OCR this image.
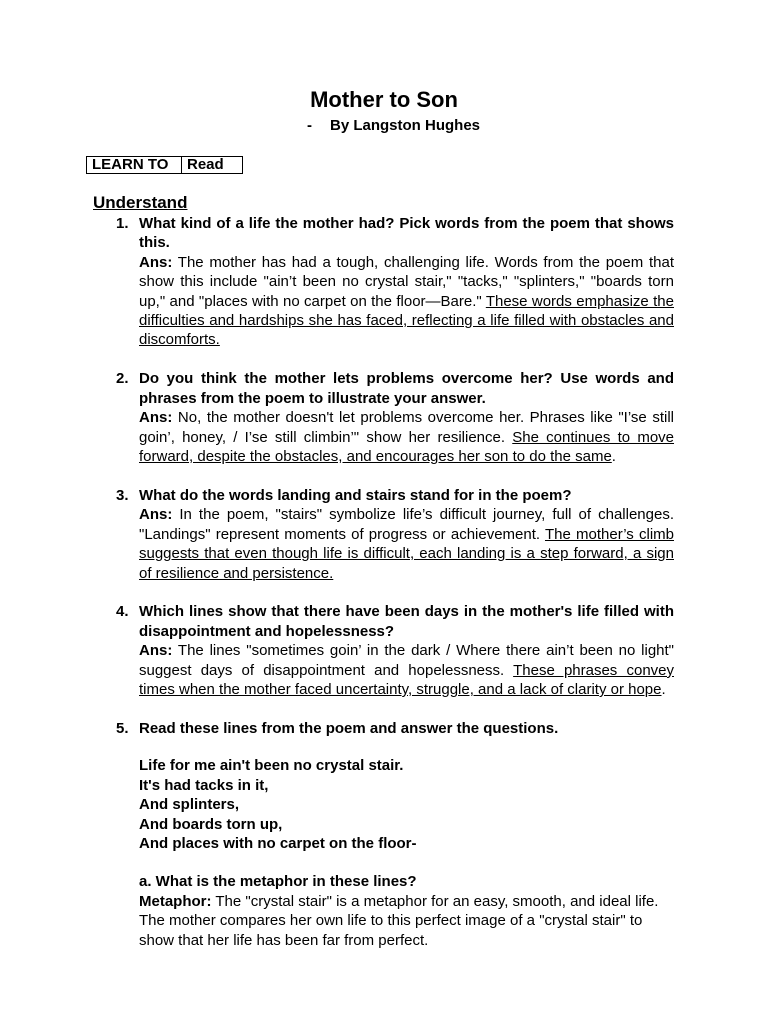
Mother to Son
- By Langston Hughes
LEARN TO	Read
Understand
1. What kind of a life the mother had? Pick words from the poem that shows this.
Ans: The mother has had a tough, challenging life. Words from the poem that show this include "ain’t been no crystal stair," "tacks," "splinters," "boards torn up," and "places with no carpet on the floor—Bare." These words emphasize the difficulties and hardships she has faced, reflecting a life filled with obstacles and discomforts.
2. Do you think the mother lets problems overcome her? Use words and phrases from the poem to illustrate your answer.
Ans: No, the mother doesn't let problems overcome her. Phrases like "I’se still goin’, honey, / I’se still climbin’" show her resilience. She continues to move forward, despite the obstacles, and encourages her son to do the same.
3. What do the words landing and stairs stand for in the poem?
Ans: In the poem, "stairs" symbolize life’s difficult journey, full of challenges. "Landings" represent moments of progress or achievement. The mother’s climb suggests that even though life is difficult, each landing is a step forward, a sign of resilience and persistence.
4. Which lines show that there have been days in the mother's life filled with disappointment and hopelessness?
Ans: The lines "sometimes goin’ in the dark / Where there ain’t been no light" suggest days of disappointment and hopelessness. These phrases convey times when the mother faced uncertainty, struggle, and a lack of clarity or hope.
5. Read these lines from the poem and answer the questions.
Life for me ain't been no crystal stair.
It's had tacks in it,
And splinters,
And boards torn up,
And places with no carpet on the floor-
a. What is the metaphor in these lines?
Metaphor: The "crystal stair" is a metaphor for an easy, smooth, and ideal life. The mother compares her own life to this perfect image of a "crystal stair" to show that her life has been far from perfect.
